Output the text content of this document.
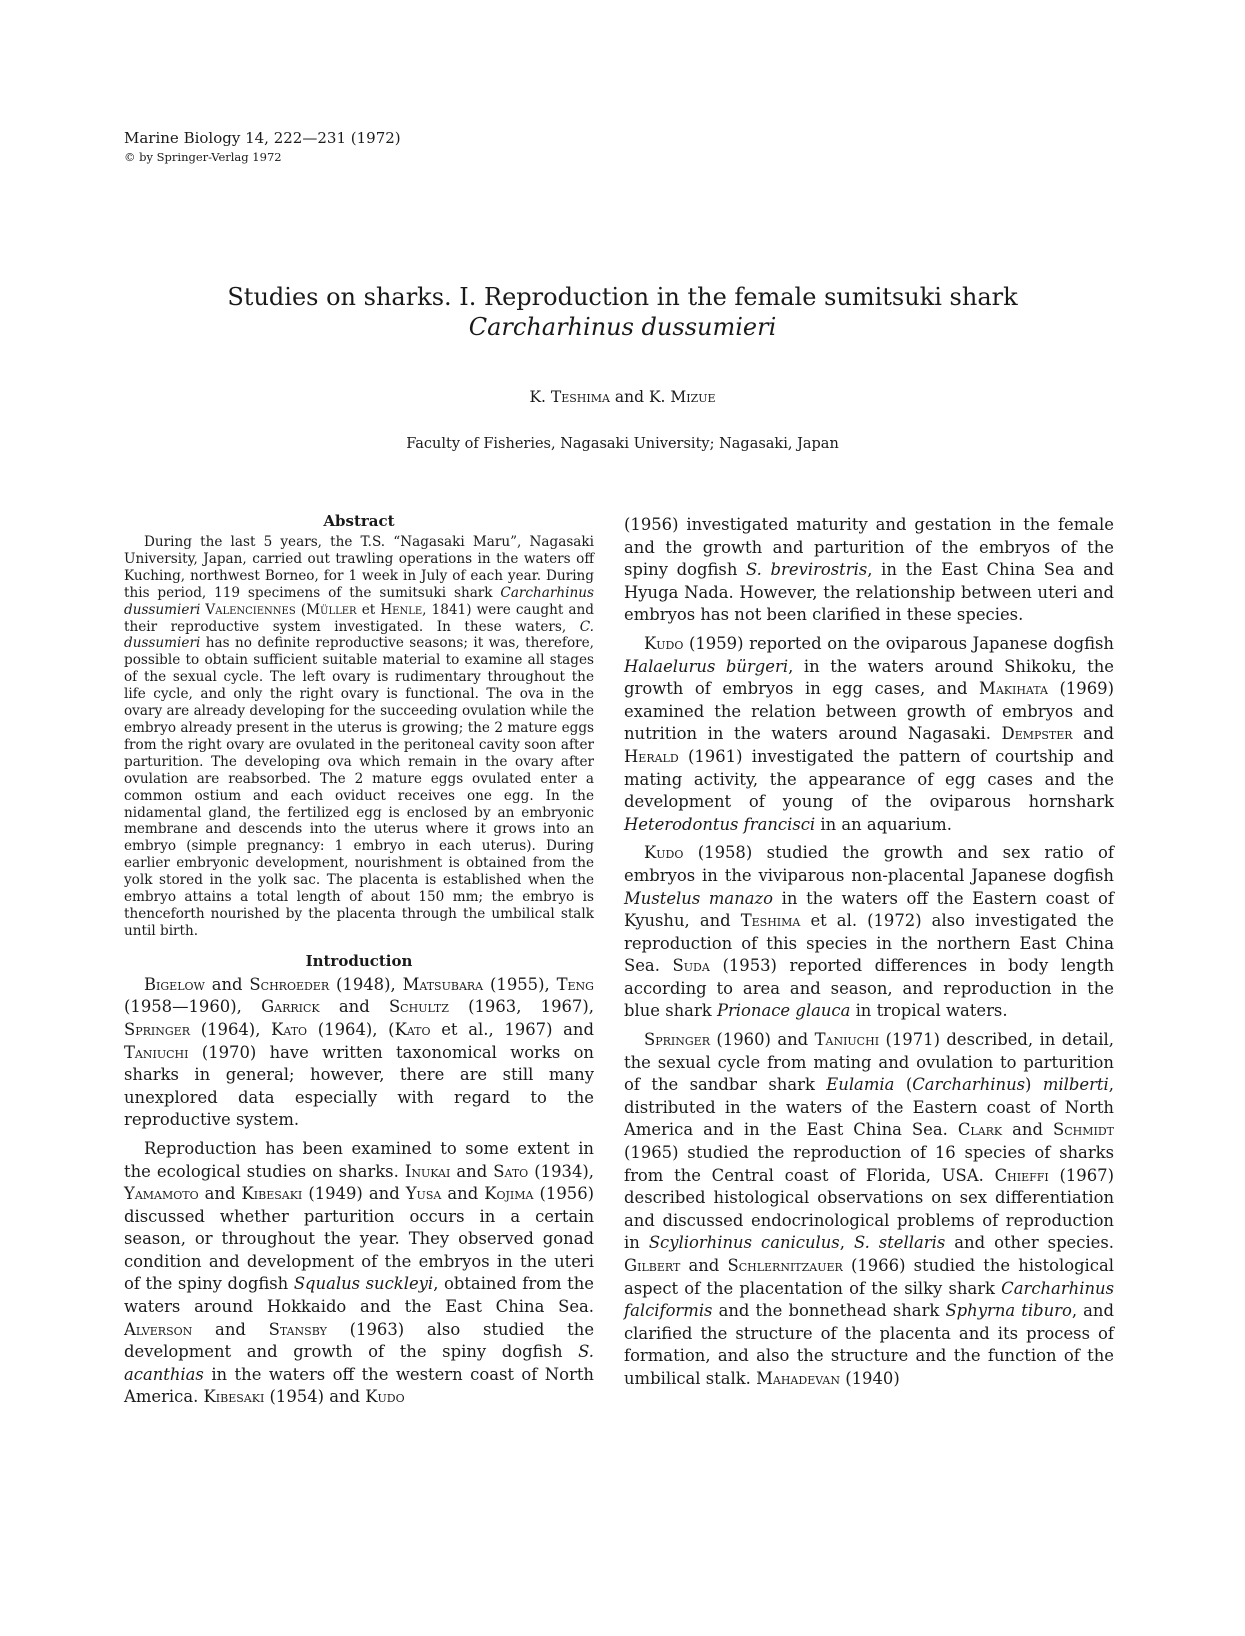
Marine Biology 14, 222—231 (1972)
© by Springer-Verlag 1972
Studies on sharks. I. Reproduction in the female sumitsuki shark
Carcharhinus dussumieri
K. Teshima and K. Mizue
Faculty of Fisheries, Nagasaki University; Nagasaki, Japan
Abstract

During the last 5 years, the T.S. “Nagasaki Maru”, Nagasaki University, Japan, carried out trawling operations in the waters off Kuching, northwest Borneo, for 1 week in July of each year. During this period, 119 specimens of the sumitsuki shark Carcharhinus dussumieri Valenciennes (Müller et Henle, 1841) were caught and their reproductive system investigated. In these waters, C. dussumieri has no definite reproductive seasons; it was, therefore, possible to obtain sufficient suitable material to examine all stages of the sexual cycle. The left ovary is rudimentary throughout the life cycle, and only the right ovary is functional. The ova in the ovary are already developing for the succeeding ovulation while the embryo already present in the uterus is growing; the 2 mature eggs from the right ovary are ovulated in the peritoneal cavity soon after parturition. The developing ova which remain in the ovary after ovulation are reabsorbed. The 2 mature eggs ovulated enter a common ostium and each oviduct receives one egg. In the nidamental gland, the fertilized egg is enclosed by an embryonic membrane and descends into the uterus where it grows into an embryo (simple pregnancy: 1 embryo in each uterus). During earlier embryonic development, nourishment is obtained from the yolk stored in the yolk sac. The placenta is established when the embryo attains a total length of about 150 mm; the embryo is thenceforth nourished by the placenta through the umbilical stalk until birth.

Introduction

Bigelow and Schroeder (1948), Matsubara (1955), Teng (1958—1960), Garrick and Schultz (1963, 1967), Springer (1964), Kato (1964), (Kato et al., 1967) and Taniuchi (1970) have written taxonomical works on sharks in general; however, there are still many unexplored data especially with regard to the reproductive system.

Reproduction has been examined to some extent in the ecological studies on sharks. Inukai and Sato (1934), Yamamoto and Kibesaki (1949) and Yusa and Kojima (1956) discussed whether parturition occurs in a certain season, or throughout the year. They observed gonad condition and development of the embryos in the uteri of the spiny dogfish Squalus suckleyi, obtained from the waters around Hokkaido and the East China Sea. Alverson and Stansby (1963) also studied the development and growth of the spiny dogfish S. acanthias in the waters off the western coast of North America. Kibesaki (1954) and Kudo

(1956) investigated maturity and gestation in the female and the growth and parturition of the embryos of the spiny dogfish S. brevirostris, in the East China Sea and Hyuga Nada. However, the relationship between uteri and embryos has not been clarified in these species.

Kudo (1959) reported on the oviparous Japanese dogfish Halaelurus bürgeri, in the waters around Shikoku, the growth of embryos in egg cases, and Makihata (1969) examined the relation between growth of embryos and nutrition in the waters around Nagasaki. Dempster and Herald (1961) investigated the pattern of courtship and mating activity, the appearance of egg cases and the development of young of the oviparous hornshark Heterodontus francisci in an aquarium.

Kudo (1958) studied the growth and sex ratio of embryos in the viviparous non-placental Japanese dogfish Mustelus manazo in the waters off the Eastern coast of Kyushu, and Teshima et al. (1972) also investigated the reproduction of this species in the northern East China Sea. Suda (1953) reported differences in body length according to area and season, and reproduction in the blue shark Prionace glauca in tropical waters.

Springer (1960) and Taniuchi (1971) described, in detail, the sexual cycle from mating and ovulation to parturition of the sandbar shark Eulamia (Carcharhinus) milberti, distributed in the waters of the Eastern coast of North America and in the East China Sea. Clark and Schmidt (1965) studied the reproduction of 16 species of sharks from the Central coast of Florida, USA. Chieffi (1967) described histological observations on sex differentiation and discussed endocrinological problems of reproduction in Scyliorhinus caniculus, S. stellaris and other species. Gilbert and Schlernitzauer (1966) studied the histological aspect of the placentation of the silky shark Carcharhinus falciformis and the bonnethead shark Sphyrna tiburo, and clarified the structure of the placenta and its process of formation, and also the structure and the function of the umbilical stalk. Mahadevan (1940)
